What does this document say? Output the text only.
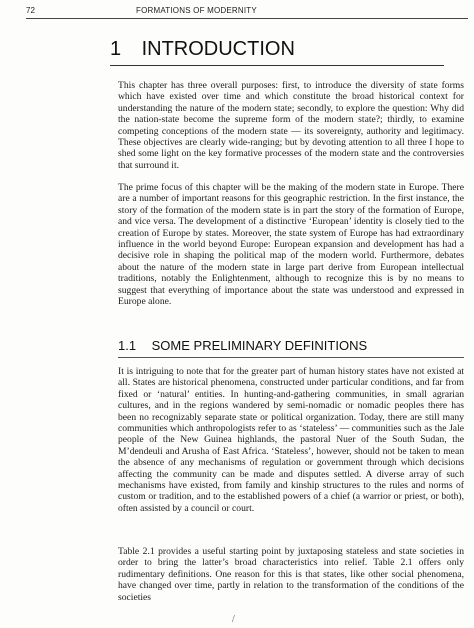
72	FORMATIONS OF MODERNITY
1 INTRODUCTION

This chapter has three overall purposes: first, to introduce the diversity of state forms which have existed over time and which constitute the broad historical context for understanding the nature of the modern state; secondly, to explore the question: Why did the nation-state become the supreme form of the modern state?; thirdly, to examine competing conceptions of the modern state — its sovereignty, authority and legitimacy. These objectives are clearly wide-ranging; but by devoting attention to all three I hope to shed some light on the key formative processes of the modern state and the controversies that surround it.

The prime focus of this chapter will be the making of the modern state in Europe. There are a number of important reasons for this geographic restriction. In the first instance, the story of the formation of the modern state is in part the story of the formation of Europe, and vice versa. The development of a distinctive ‘European’ identity is closely tied to the creation of Europe by states. Moreover, the state system of Europe has had extraordinary influence in the world beyond Europe: European expansion and development has had a decisive role in shaping the political map of the modern world. Furthermore, debates about the nature of the modern state in large part derive from European intellectual traditions, notably the Enlightenment, although to recognize this is by no means to suggest that everything of importance about the state was understood and expressed in Europe alone.

1.1 SOME PRELIMINARY DEFINITIONS

It is intriguing to note that for the greater part of human history states have not existed at all. States are historical phenomena, constructed under particular conditions, and far from fixed or ‘natural’ entities. In hunting-and-gathering communities, in small agrarian cultures, and in the regions wandered by semi-nomadic or nomadic peoples there has been no recognizably separate state or political organization. Today, there are still many communities which anthropologists refer to as ‘stateless’ — communities such as the Jale people of the New Guinea highlands, the pastoral Nuer of the South Sudan, the M’dendeuli and Arusha of East Africa. ‘Stateless’, however, should not be taken to mean the absence of any mechanisms of regulation or government through which decisions affecting the community can be made and disputes settled. A diverse array of such mechanisms have existed, from family and kinship structures to the rules and norms of custom or tradition, and to the established powers of a chief (a warrior or priest, or both), often assisted by a council or court.

Table 2.1 provides a useful starting point by juxtaposing stateless and state societies in order to bring the latter’s broad characteristics into relief. Table 2.1 offers only rudimentary definitions. One reason for this is that states, like other social phenomena, have changed over time, partly in relation to the transformation of the conditions of the societies

/
